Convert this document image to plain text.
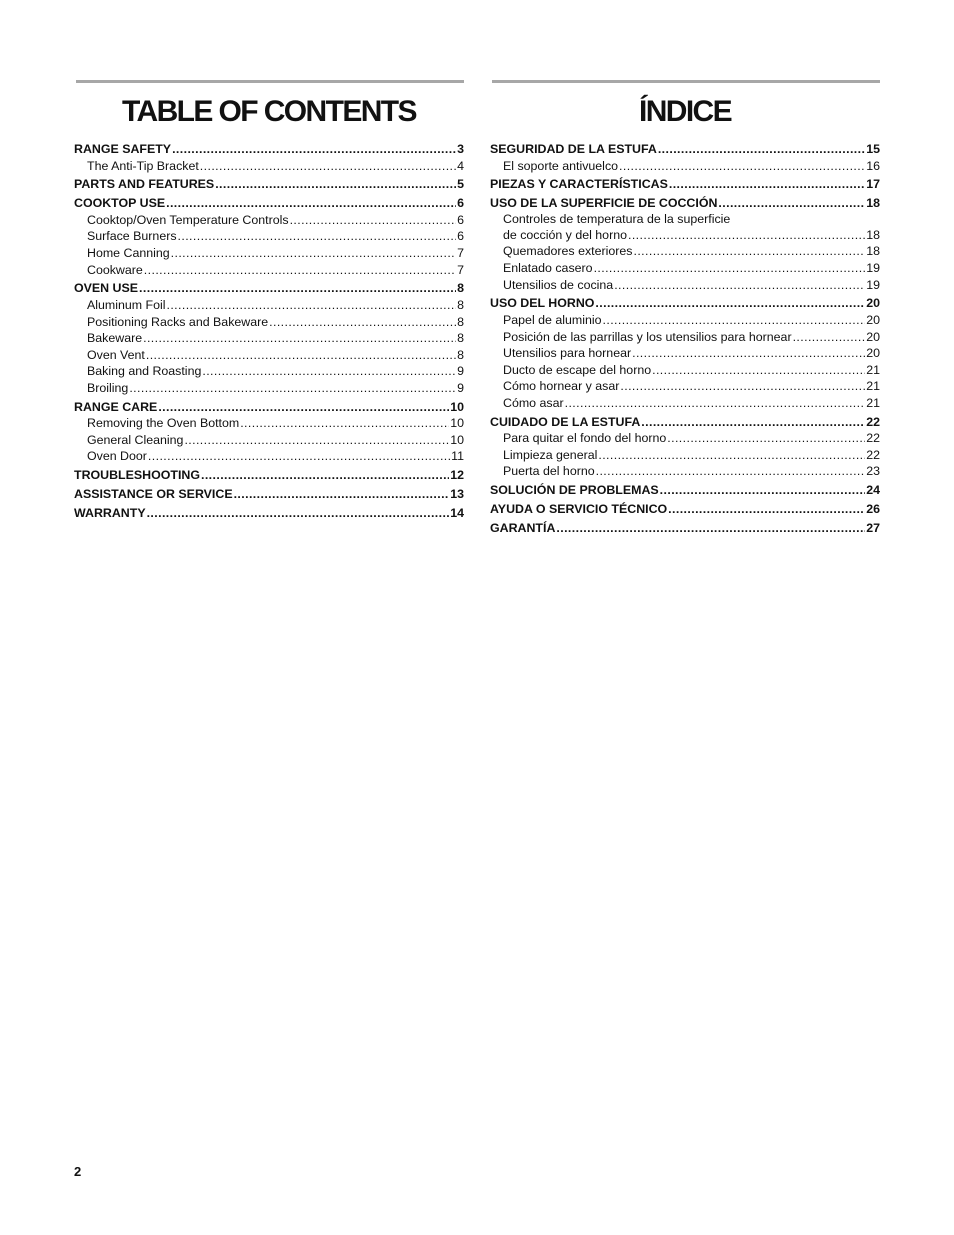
TABLE OF CONTENTS
RANGE SAFETY .....	3
The Anti-Tip Bracket .....	4
PARTS AND FEATURES .....	5
COOKTOP USE .....	6
Cooktop/Oven Temperature Controls .....	6
Surface Burners .....	6
Home Canning .....	7
Cookware .....	7
OVEN USE .....	8
Aluminum Foil .....	8
Positioning Racks and Bakeware .....	8
Bakeware .....	8
Oven Vent .....	8
Baking and Roasting .....	9
Broiling .....	9
RANGE CARE .....	10
Removing the Oven Bottom .....	10
General Cleaning .....	10
Oven Door .....	11
TROUBLESHOOTING .....	12
ASSISTANCE OR SERVICE .....	13
WARRANTY .....	14
ÍNDICE
SEGURIDAD DE LA ESTUFA .....	15
El soporte antivuelco .....	16
PIEZAS Y CARACTERÍSTICAS .....	17
USO DE LA SUPERFICIE DE COCCIÓN .....	18
Controles de temperatura de la superficie
de cocción y del horno .....	18
Quemadores exteriores .....	18
Enlatado casero .....	19
Utensilios de cocina .....	19
USO DEL HORNO .....	20
Papel de aluminio .....	20
Posición de las parrillas y los utensilios para hornear .....	20
Utensilios para hornear .....	20
Ducto de escape del horno .....	21
Cómo hornear y asar .....	21
Cómo asar .....	21
CUIDADO DE LA ESTUFA .....	22
Para quitar el fondo del horno .....	22
Limpieza general .....	22
Puerta del horno .....	23
SOLUCIÓN DE PROBLEMAS .....	24
AYUDA O SERVICIO TÉCNICO .....	26
GARANTÍA .....	27
2
